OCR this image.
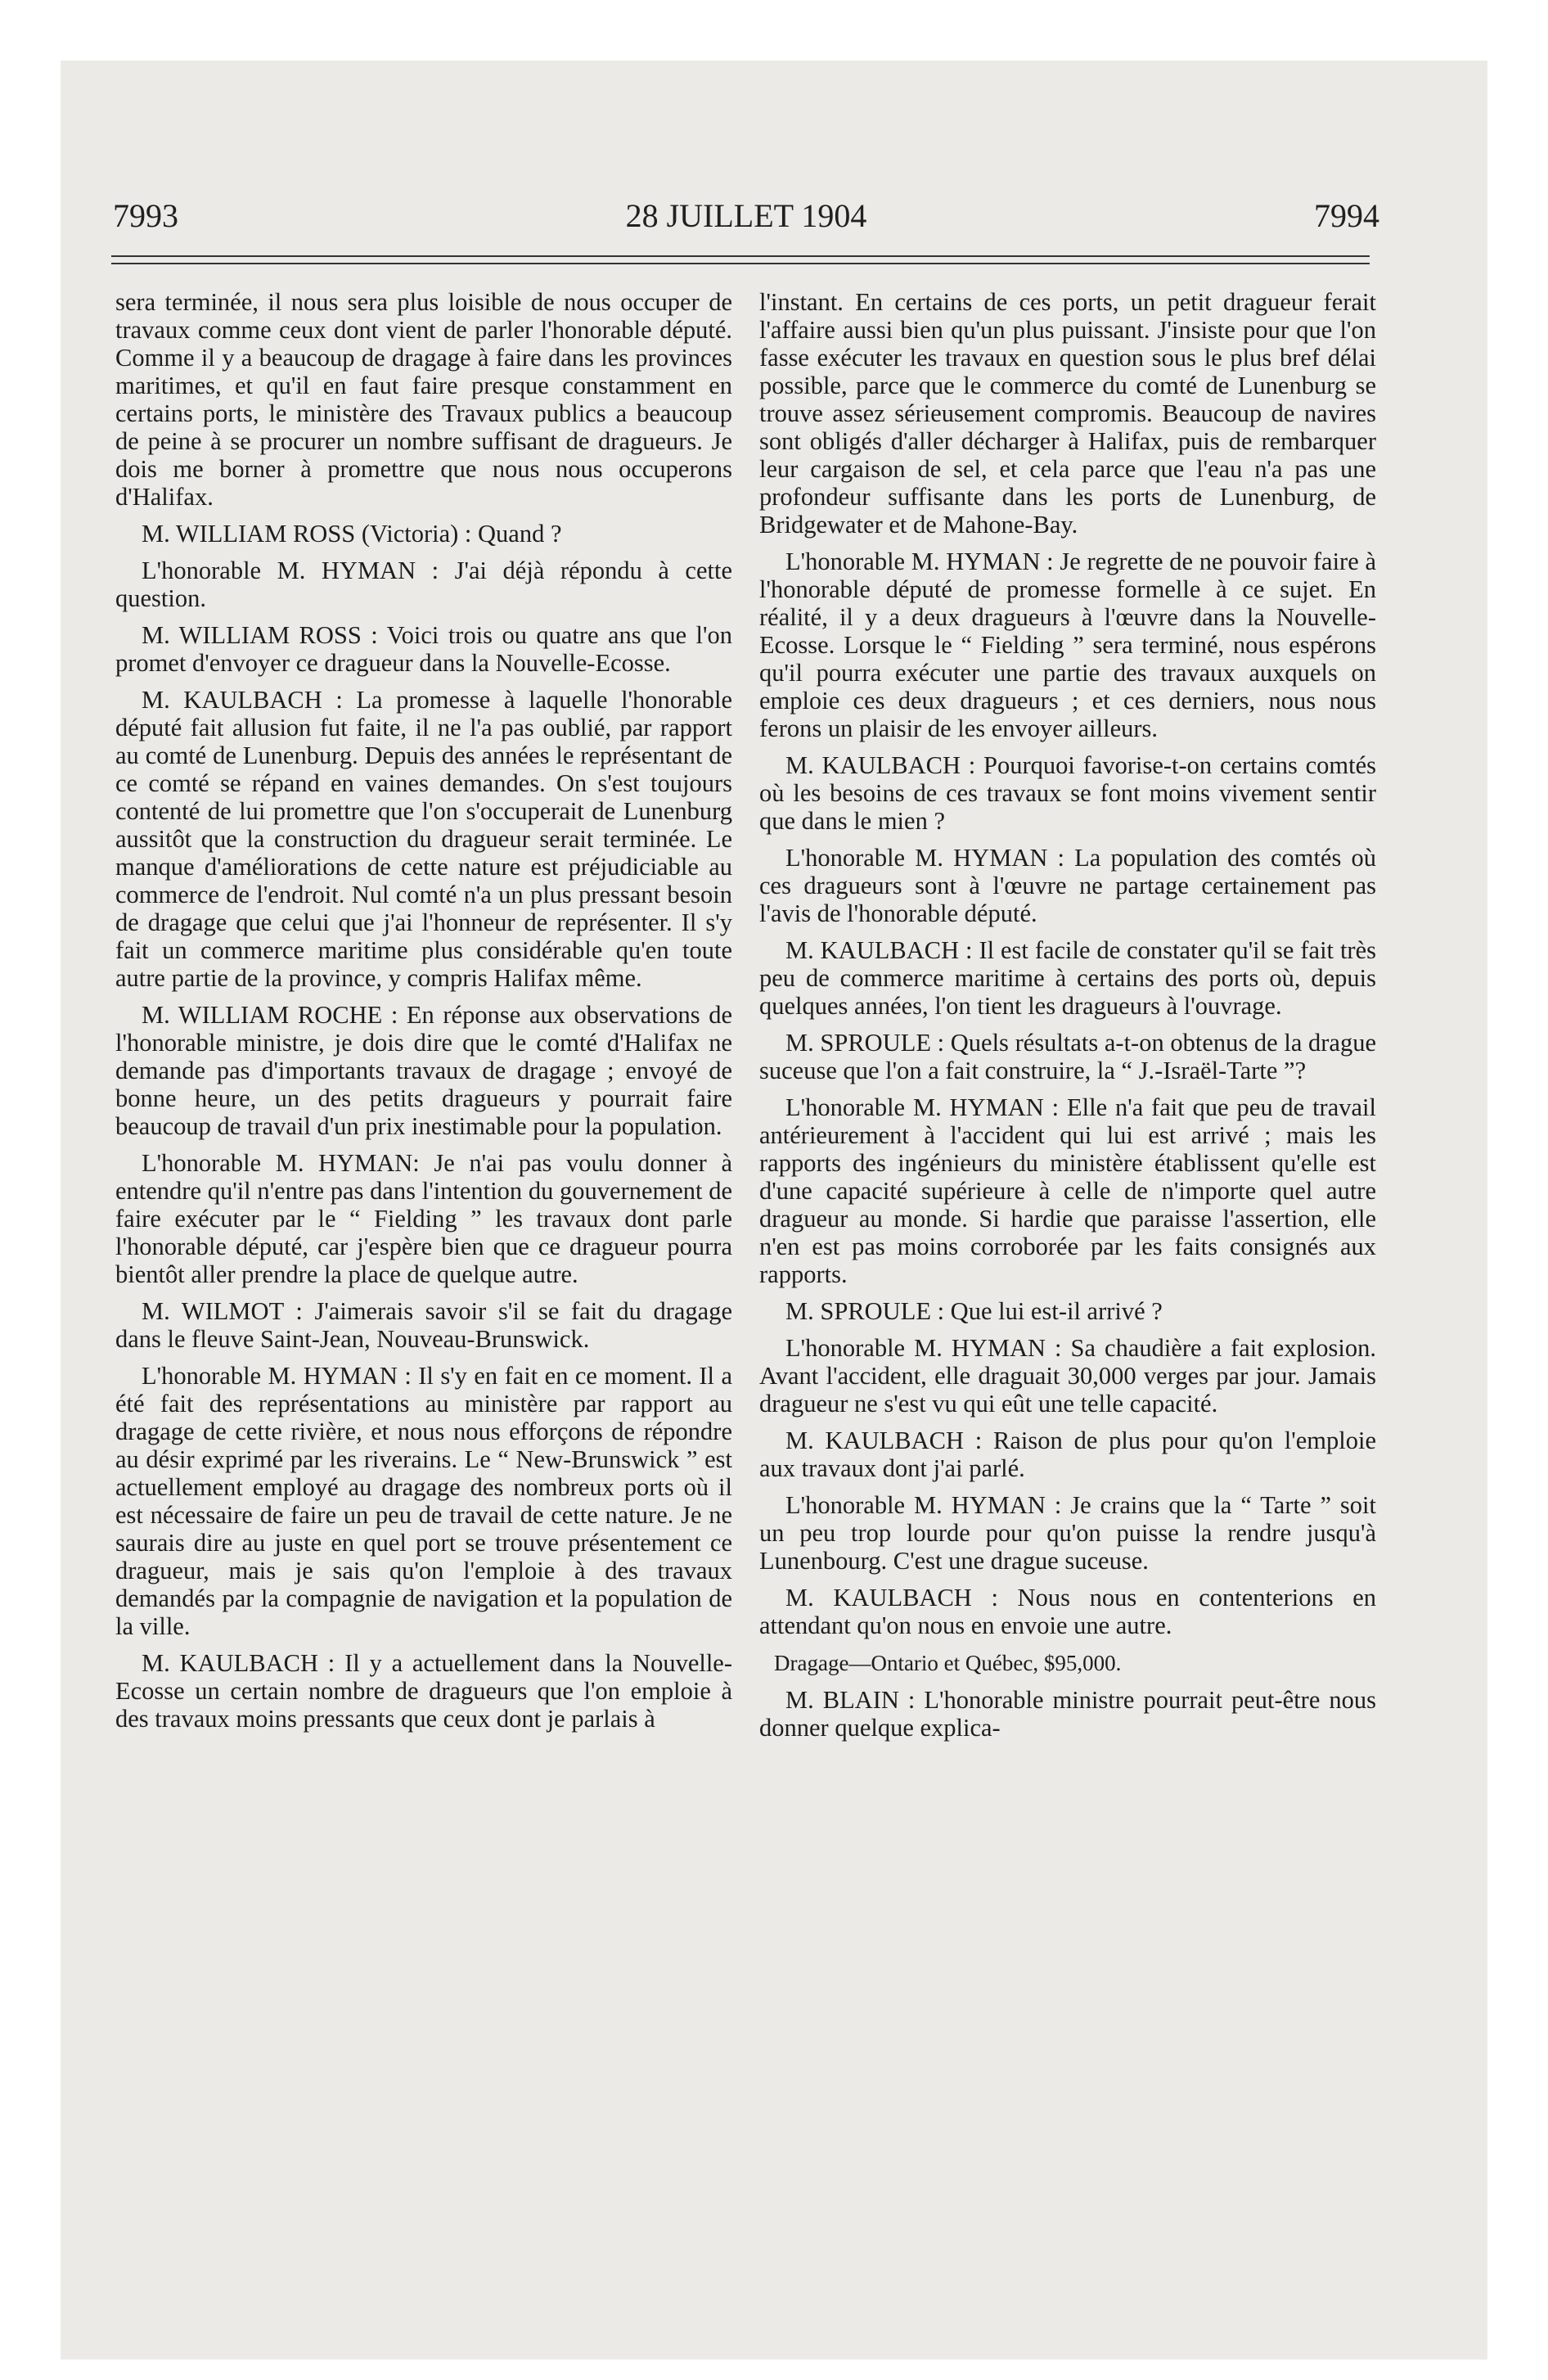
7993	28 JUILLET 1904	7994

sera terminée, il nous sera plus loisible de nous occuper de travaux comme ceux dont vient de parler l'honorable député. Comme il y a beaucoup de dragage à faire dans les provinces maritimes, et qu'il en faut faire presque constamment en certains ports, le ministère des Travaux publics a beaucoup de peine à se procurer un nombre suffisant de dragueurs. Je dois me borner à promettre que nous nous occuperons d'Halifax.

M. WILLIAM ROSS (Victoria) : Quand ?

L'honorable M. HYMAN : J'ai déjà répondu à cette question.

M. WILLIAM ROSS : Voici trois ou quatre ans que l'on promet d'envoyer ce dragueur dans la Nouvelle-Ecosse.

M. KAULBACH : La promesse à laquelle l'honorable député fait allusion fut faite, il ne l'a pas oublié, par rapport au comté de Lunenburg. Depuis des années le représentant de ce comté se répand en vaines demandes. On s'est toujours contenté de lui promettre que l'on s'occuperait de Lunenburg aussitôt que la construction du dragueur serait terminée. Le manque d'améliorations de cette nature est préjudiciable au commerce de l'endroit. Nul comté n'a un plus pressant besoin de dragage que celui que j'ai l'honneur de représenter. Il s'y fait un commerce maritime plus considérable qu'en toute autre partie de la province, y compris Halifax même.

M. WILLIAM ROCHE : En réponse aux observations de l'honorable ministre, je dois dire que le comté d'Halifax ne demande pas d'importants travaux de dragage ; envoyé de bonne heure, un des petits dragueurs y pourrait faire beaucoup de travail d'un prix inestimable pour la population.

L'honorable M. HYMAN: Je n'ai pas voulu donner à entendre qu'il n'entre pas dans l'intention du gouvernement de faire exécuter par le “ Fielding ” les travaux dont parle l'honorable député, car j'espère bien que ce dragueur pourra bientôt aller prendre la place de quelque autre.

M. WILMOT : J'aimerais savoir s'il se fait du dragage dans le fleuve Saint-Jean, Nouveau-Brunswick.

L'honorable M. HYMAN : Il s'y en fait en ce moment. Il a été fait des représentations au ministère par rapport au dragage de cette rivière, et nous nous efforçons de répondre au désir exprimé par les riverains. Le “ New-Brunswick ” est actuellement employé au dragage des nombreux ports où il est nécessaire de faire un peu de travail de cette nature. Je ne saurais dire au juste en quel port se trouve présentement ce dragueur, mais je sais qu'on l'emploie à des travaux demandés par la compagnie de navigation et la population de la ville.

M. KAULBACH : Il y a actuellement dans la Nouvelle-Ecosse un certain nombre de dragueurs que l'on emploie à des travaux moins pressants que ceux dont je parlais à

l'instant. En certains de ces ports, un petit dragueur ferait l'affaire aussi bien qu'un plus puissant. J'insiste pour que l'on fasse exécuter les travaux en question sous le plus bref délai possible, parce que le commerce du comté de Lunenburg se trouve assez sérieusement compromis. Beaucoup de navires sont obligés d'aller décharger à Halifax, puis de rembarquer leur cargaison de sel, et cela parce que l'eau n'a pas une profondeur suffisante dans les ports de Lunenburg, de Bridgewater et de Mahone-Bay.

L'honorable M. HYMAN : Je regrette de ne pouvoir faire à l'honorable député de promesse formelle à ce sujet. En réalité, il y a deux dragueurs à l'œuvre dans la Nouvelle-Ecosse. Lorsque le “ Fielding ” sera terminé, nous espérons qu'il pourra exécuter une partie des travaux auxquels on emploie ces deux dragueurs ; et ces derniers, nous nous ferons un plaisir de les envoyer ailleurs.

M. KAULBACH : Pourquoi favorise-t-on certains comtés où les besoins de ces travaux se font moins vivement sentir que dans le mien ?

L'honorable M. HYMAN : La population des comtés où ces dragueurs sont à l'œuvre ne partage certainement pas l'avis de l'honorable député.

M. KAULBACH : Il est facile de constater qu'il se fait très peu de commerce maritime à certains des ports où, depuis quelques années, l'on tient les dragueurs à l'ouvrage.

M. SPROULE : Quels résultats a-t-on obtenus de la drague suceuse que l'on a fait construire, la “ J.-Israël-Tarte ”?

L'honorable M. HYMAN : Elle n'a fait que peu de travail antérieurement à l'accident qui lui est arrivé ; mais les rapports des ingénieurs du ministère établissent qu'elle est d'une capacité supérieure à celle de n'importe quel autre dragueur au monde. Si hardie que paraisse l'assertion, elle n'en est pas moins corroborée par les faits consignés aux rapports.

M. SPROULE : Que lui est-il arrivé ?

L'honorable M. HYMAN : Sa chaudière a fait explosion. Avant l'accident, elle draguait 30,000 verges par jour. Jamais dragueur ne s'est vu qui eût une telle capacité.

M. KAULBACH : Raison de plus pour qu'on l'emploie aux travaux dont j'ai parlé.

L'honorable M. HYMAN : Je crains que la “ Tarte ” soit un peu trop lourde pour qu'on puisse la rendre jusqu'à Lunenbourg. C'est une drague suceuse.

M. KAULBACH : Nous nous en contenterions en attendant qu'on nous en envoie une autre.

Dragage—Ontario et Québec, $95,000.

M. BLAIN : L'honorable ministre pourrait peut-être nous donner quelque explica-
